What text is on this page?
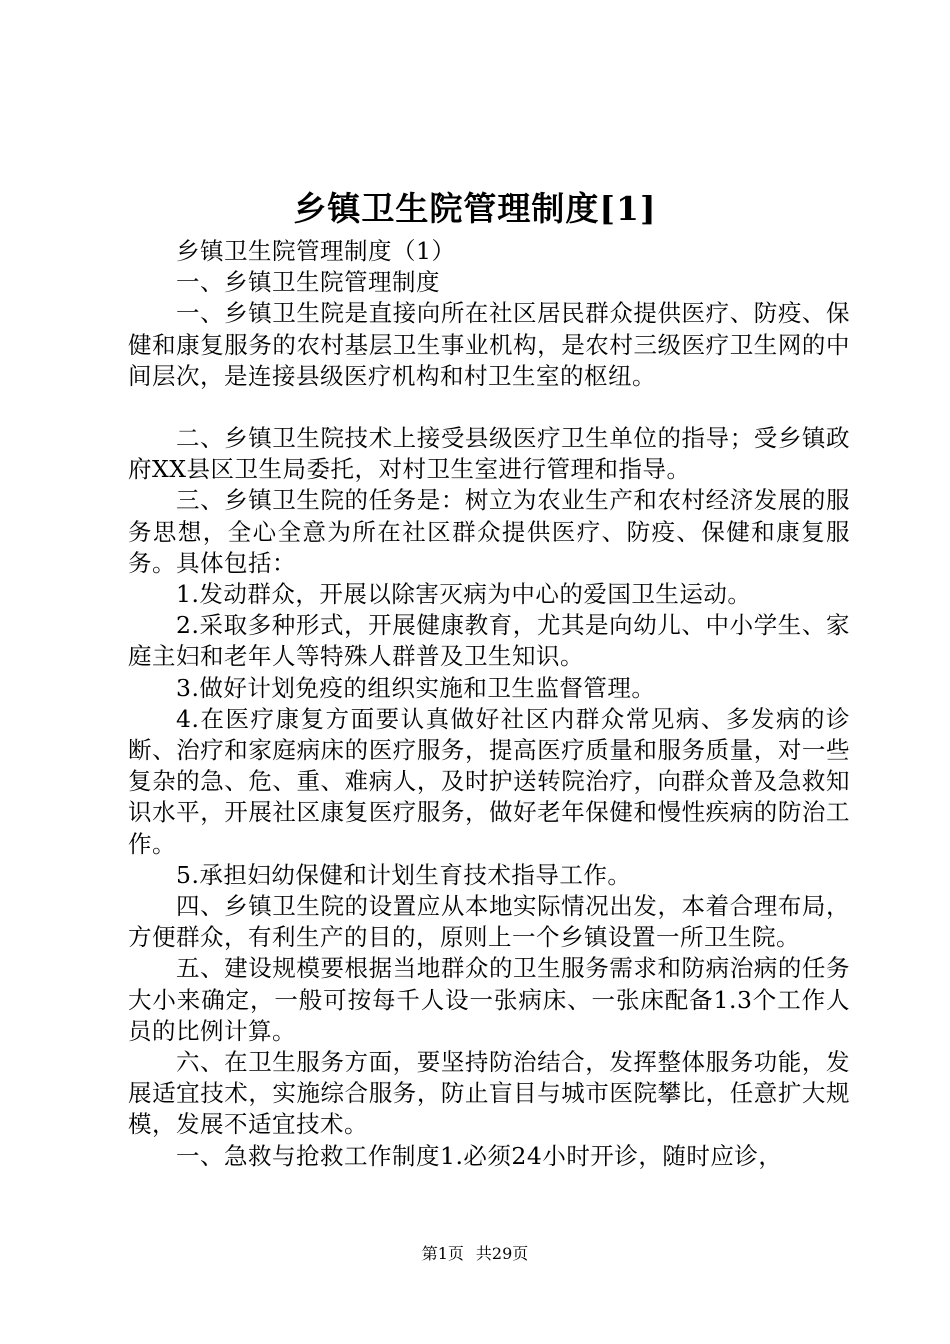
乡镇卫生院管理制度[1]

乡镇卫生院管理制度（1）

一、乡镇卫生院管理制度

一、乡镇卫生院是直接向所在社区居民群众提供医疗、防疫、保健和康复服务的农村基层卫生事业机构，是农村三级医疗卫生网的中间层次，是连接县级医疗机构和村卫生室的枢纽。

二、乡镇卫生院技术上接受县级医疗卫生单位的指导；受乡镇政府XX县区卫生局委托，对村卫生室进行管理和指导。

三、乡镇卫生院的任务是：树立为农业生产和农村经济发展的服务思想，全心全意为所在社区群众提供医疗、防疫、保健和康复服务。具体包括：

1.发动群众，开展以除害灭病为中心的爱国卫生运动。

2.采取多种形式，开展健康教育，尤其是向幼儿、中小学生、家庭主妇和老年人等特殊人群普及卫生知识。

3.做好计划免疫的组织实施和卫生监督管理。

4.在医疗康复方面要认真做好社区内群众常见病、多发病的诊断、治疗和家庭病床的医疗服务，提高医疗质量和服务质量，对一些复杂的急、危、重、难病人，及时护送转院治疗，向群众普及急救知识水平，开展社区康复医疗服务，做好老年保健和慢性疾病的防治工作。

5.承担妇幼保健和计划生育技术指导工作。

四、乡镇卫生院的设置应从本地实际情况出发，本着合理布局，方便群众，有利生产的目的，原则上一个乡镇设置一所卫生院。

五、建设规模要根据当地群众的卫生服务需求和防病治病的任务大小来确定，一般可按每千人设一张病床、一张床配备1.3个工作人员的比例计算。

六、在卫生服务方面，要坚持防治结合，发挥整体服务功能，发展适宜技术，实施综合服务，防止盲目与城市医院攀比，任意扩大规模，发展不适宜技术。

一、急救与抢救工作制度1.必须24小时开诊，随时应诊，

第1页 共29页
